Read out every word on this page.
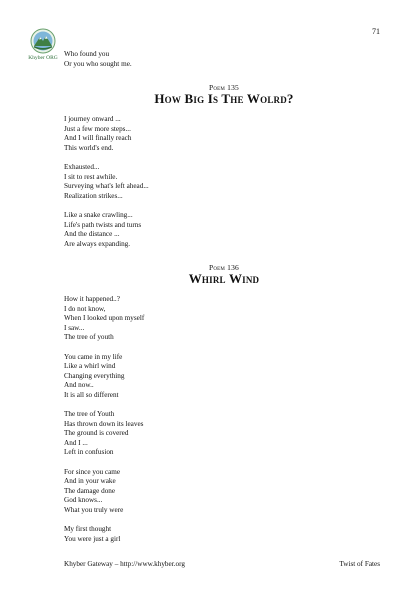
71
Khyber ORG Who found you
Or you who sought me.
Poem 135
How Big Is The Wolrd?
I journey onward ...
Just a few more steps...
And I will finally reach
This world's end.
Exhausted...
I sit to rest awhile.
Surveying what's left ahead...
Realization strikes...
Like a snake crawling...
Life's path twists and turns
And the distance ...
Are always expanding.
Poem 136
Whirl Wind
How it happened..?
I do not know,
When I looked upon myself
I saw...
The tree of youth
You came in my life
Like a whirl wind
Changing everything
And now..
It is all so different
The tree of Youth
Has thrown down its leaves
The ground is covered
And I ...
Left in confusion
For since you came
And in your wake
The damage done
God knows...
What you truly were
My first thought
You were just a girl
Khyber Gateway – http://www.khyber.org	Twist of Fates
